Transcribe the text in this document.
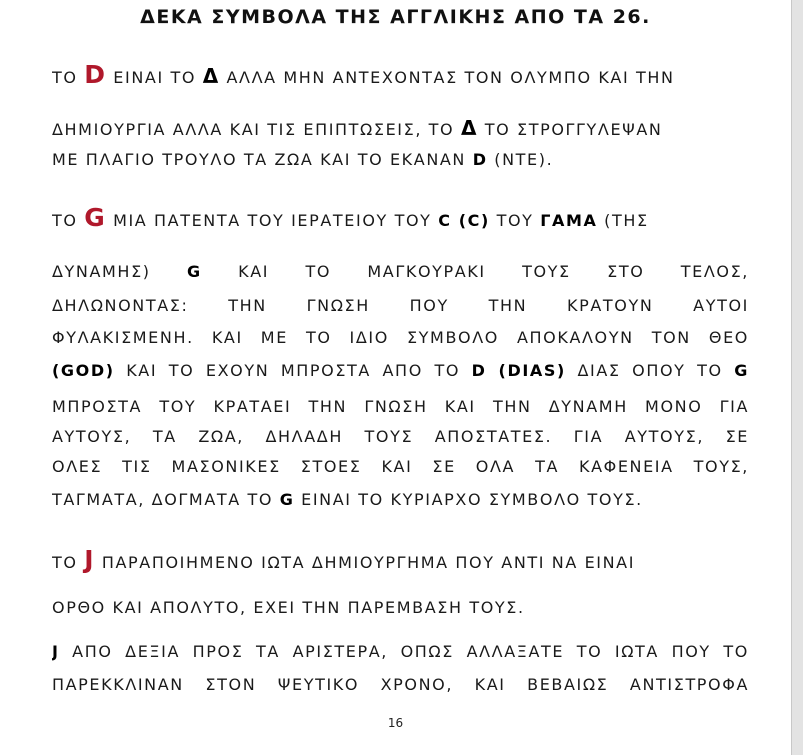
ΔΕΚΑ ΣΥΜΒΟΛΑ ΤΗΣ ΑΓΓΛΙΚΗΣ ΑΠΟ ΤΑ 26.
ΤΟ D ΕΙΝΑΙ ΤΟ Δ ΑΛΛΑ ΜΗΝ ΑΝΤΕΧΟΝΤΑΣ ΤΟΝ ΟΛΥΜΠΟ ΚΑΙ ΤΗΝ
ΔΗΜΙΟΥΡΓΙΑ ΑΛΛΑ ΚΑΙ ΤΙΣ ΕΠΙΠΤΩΣΕΙΣ, ΤΟ Δ ΤΟ ΣΤΡΟΓΓΥΛΕΨΑΝ
ΜΕ ΠΛΑΓΙΟ ΤΡΟΥΛΟ ΤΑ ΖΩΑ ΚΑΙ ΤΟ ΕΚΑΝΑΝ D (ΝΤΕ).
ΤΟ G ΜΙΑ ΠΑΤΕΝΤΑ ΤΟΥ ΙΕΡΑΤΕΙΟΥ ΤΟΥ C (Ϲ) ΤΟΥ ΓΑΜΑ (ΤΗΣ
ΔΥΝΑΜΗΣ) G ΚΑΙ ΤΟ ΜΑΓΚΟΥΡΑΚΙ ΤΟΥΣ ΣΤΟ ΤΕΛΟΣ,
ΔΗΛΩΝΟΝΤΑΣ: ΤΗΝ ΓΝΩΣΗ ΠΟΥ ΤΗΝ ΚΡΑΤΟΥΝ ΑΥΤΟΙ
ΦΥΛΑΚΙΣΜΕΝΗ. ΚΑΙ ΜΕ ΤΟ ΙΔΙΟ ΣΥΜΒΟΛΟ ΑΠΟΚΑΛΟΥΝ ΤΟΝ ΘΕΟ
(GOD) ΚΑΙ ΤΟ ΕΧΟΥΝ ΜΠΡΟΣΤΑ ΑΠΟ ΤΟ D (DIAS) ΔΙΑΣ ΟΠΟΥ ΤΟ G
ΜΠΡΟΣΤΑ ΤΟΥ ΚΡΑΤΑΕΙ ΤΗΝ ΓΝΩΣΗ ΚΑΙ ΤΗΝ ΔΥΝΑΜΗ ΜΟΝΟ ΓΙΑ
ΑΥΤΟΥΣ, ΤΑ ΖΩΑ, ΔΗΛΑΔΗ ΤΟΥΣ ΑΠΟΣΤΑΤΕΣ. ΓΙΑ ΑΥΤΟΥΣ, ΣΕ
ΟΛΕΣ ΤΙΣ ΜΑΣΟΝΙΚΕΣ ΣΤΟΕΣ ΚΑΙ ΣΕ ΟΛΑ ΤΑ ΚΑΦΕΝΕΙΑ ΤΟΥΣ,
ΤΑΓΜΑΤΑ, ΔΟΓΜΑΤΑ ΤΟ G ΕΙΝΑΙ ΤΟ ΚΥΡΙΑΡΧΟ ΣΥΜΒΟΛΟ ΤΟΥΣ.
ΤΟ J ΠΑΡΑΠΟΙΗΜΕΝΟ ΙΩΤΑ ΔΗΜΙΟΥΡΓΗΜΑ ΠΟΥ ΑΝΤΙ ΝΑ ΕΙΝΑΙ
ΟΡΘΟ ΚΑΙ ΑΠΟΛΥΤΟ, ΕΧΕΙ ΤΗΝ ΠΑΡΕΜΒΑΣΗ ΤΟΥΣ.
J ΑΠΟ ΔΕΞΙΑ ΠΡΟΣ ΤΑ ΑΡΙΣΤΕΡΑ, ΟΠΩΣ ΑΛΛΑΞΑΤΕ ΤΟ ΙΩΤΑ ΠΟΥ ΤΟ
ΠΑΡΕΚΚΛΙΝΑΝ ΣΤΟΝ ΨΕΥΤΙΚΟ ΧΡΟΝΟ, ΚΑΙ ΒΕΒΑΙΩΣ ΑΝΤΙΣΤΡΟΦΑ
16
